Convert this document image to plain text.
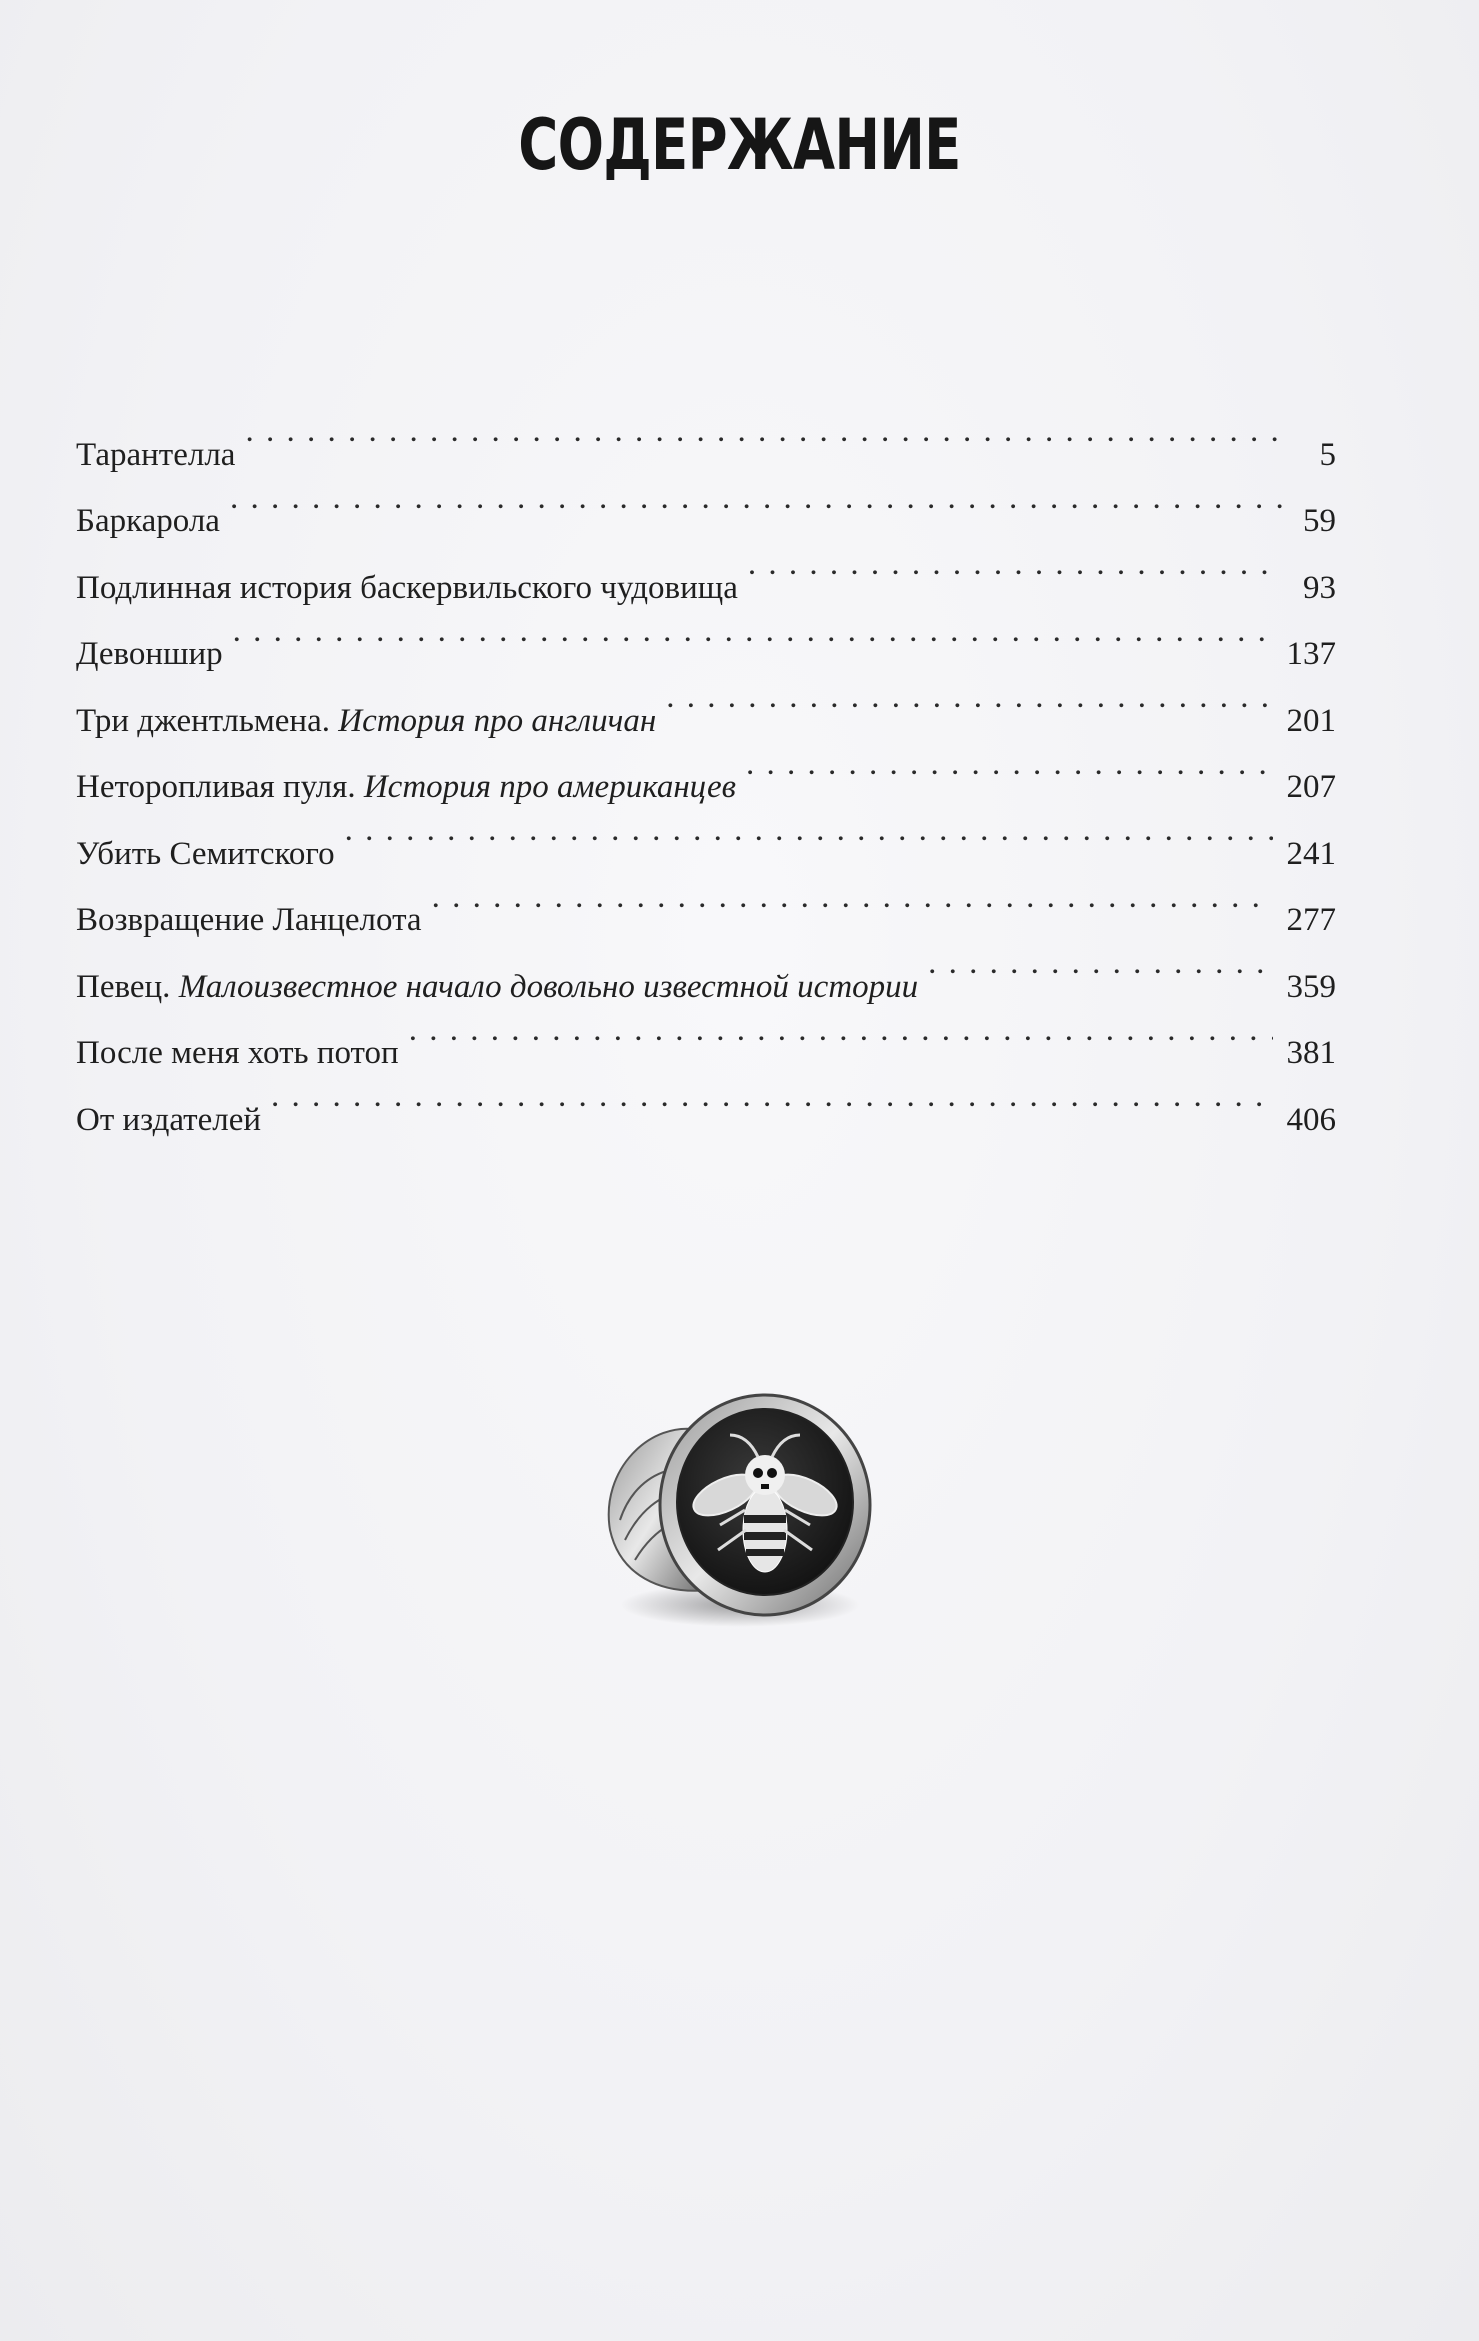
СОДЕРЖАНИЕ
Тарантелла . . .	5
Баркарола . . .	59
Подлинная история баскервильского чудовища . . .	93
Девоншир . . .	137
Три джентльмена. История про англичан . . .	201
Неторопливая пуля. История про американцев . . .	207
Убить Семитского . . .	241
Возвращение Ланцелота . . .	277
Певец. Малоизвестное начало довольно известной истории . . .	359
После меня хоть потоп . . .	381
От издателей . . .	406
